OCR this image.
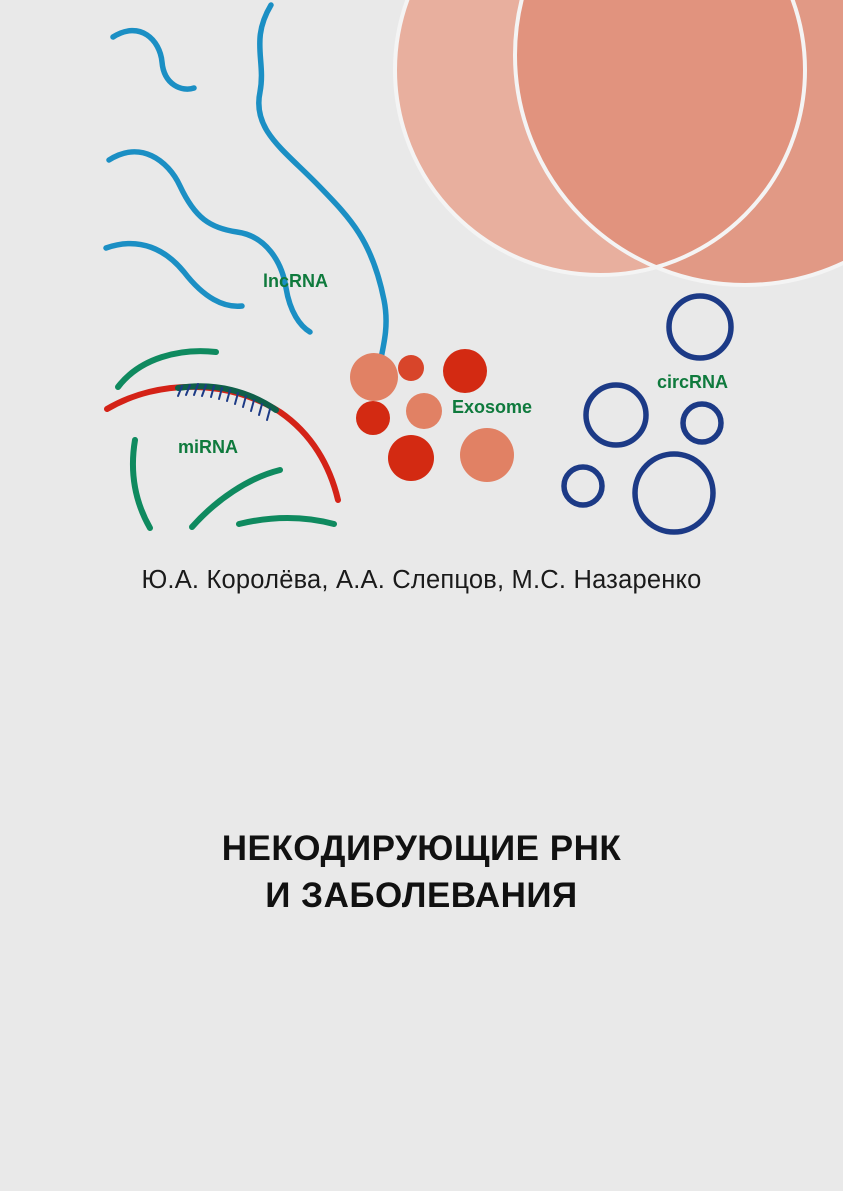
lncRNA
miRNA
Exosome
circRNA
Ю.А. Королёва, А.А. Слепцов, М.С. Назаренко
НЕКОДИРУЮЩИЕ РНК
И ЗАБОЛЕВАНИЯ
